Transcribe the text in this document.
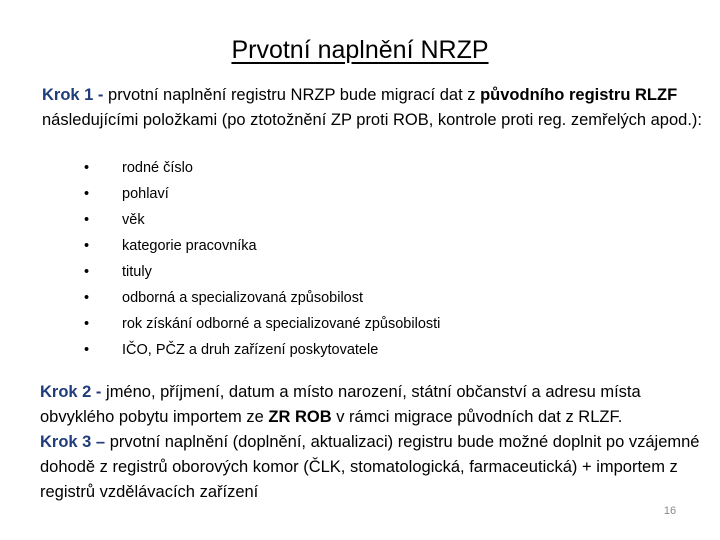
Prvotní naplnění NRZP
Krok 1 - prvotní naplnění registru NRZP bude migrací dat z původního registru RLZF následujícími položkami (po ztotožnění ZP proti ROB, kontrole proti reg. zemřelých apod.):
• rodné číslo
• pohlaví
• věk
• kategorie pracovníka
• tituly
• odborná a specializovaná způsobilost
• rok získání odborné a specializované způsobilosti
• IČO, PČZ a druh zařízení poskytovatele

Krok 2 - jméno, příjmení, datum a místo narození, státní občanství a adresu místa obvyklého pobytu importem ze ZR ROB v rámci migrace původních dat z RLZF.

Krok 3 – prvotní naplnění (doplnění, aktualizaci) registru bude možné doplnit po vzájemné dohodě z registrů oborových komor (ČLK, stomatologická, farmaceutická) + importem z registrů vzdělávacích zařízení

16
